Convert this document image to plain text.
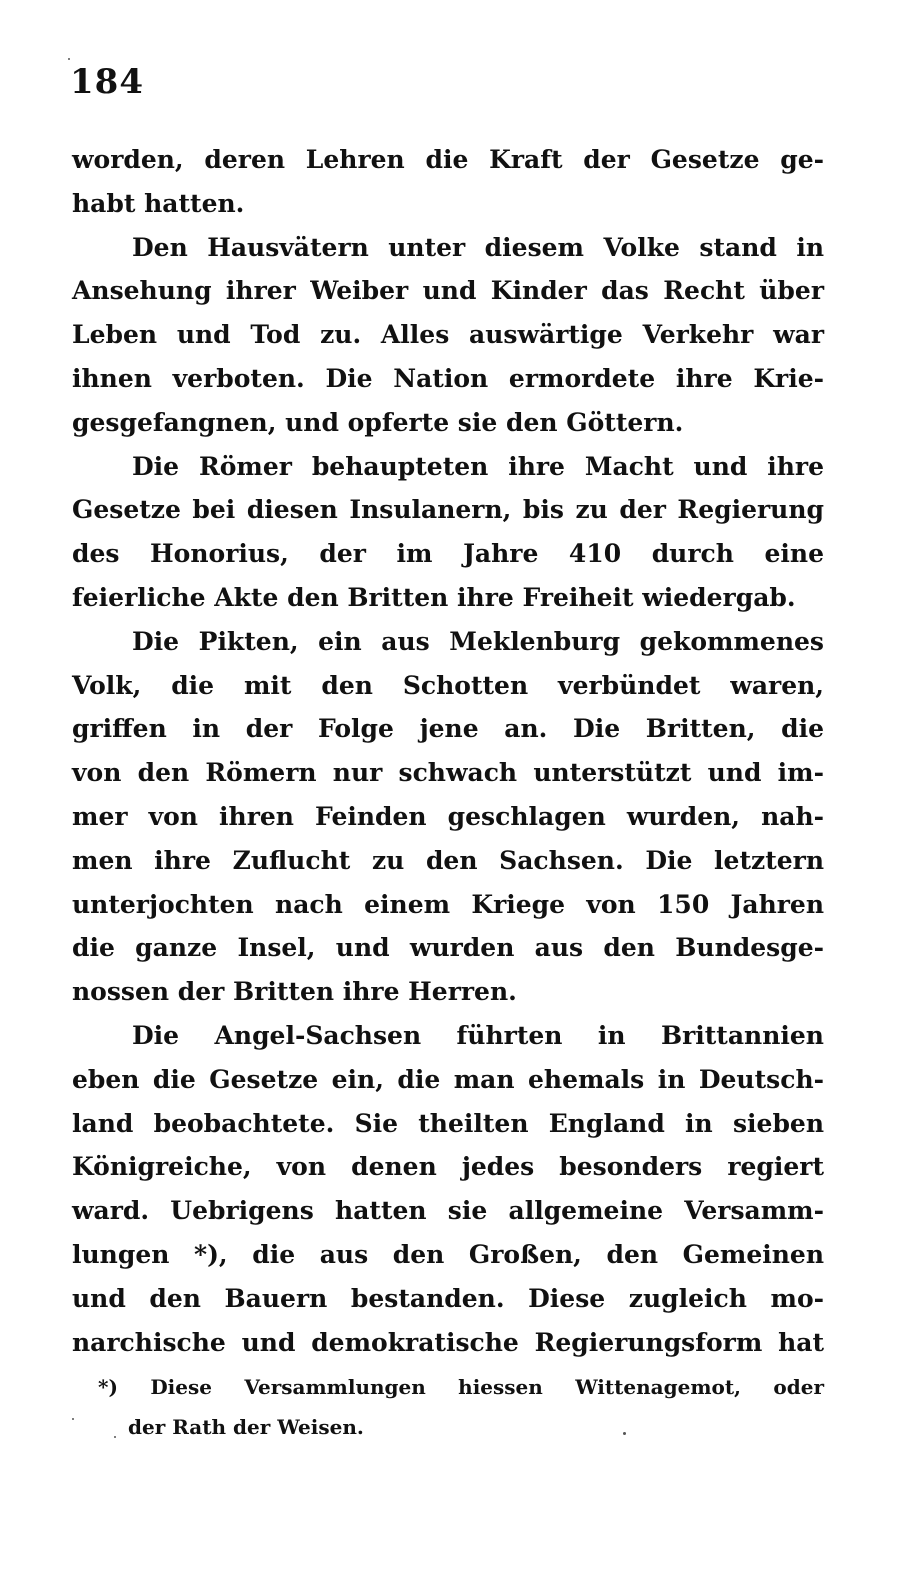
184
worden, deren Lehren die Kraft der Gesetze ge-
habt hatten.
Den Hausvätern unter diesem Volke stand in
Ansehung ihrer Weiber und Kinder das Recht über
Leben und Tod zu. Alles auswärtige Verkehr war
ihnen verboten. Die Nation ermordete ihre Krie-
gesgefangnen, und opferte sie den Göttern.
Die Römer behaupteten ihre Macht und ihre
Gesetze bei diesen Insulanern, bis zu der Regierung
des Honorius, der im Jahre 410 durch eine
feierliche Akte den Britten ihre Freiheit wiedergab.
Die Pikten, ein aus Meklenburg gekommenes
Volk, die mit den Schotten verbündet waren,
griffen in der Folge jene an. Die Britten, die
von den Römern nur schwach unterstützt und im-
mer von ihren Feinden geschlagen wurden, nah-
men ihre Zuflucht zu den Sachsen. Die letztern
unterjochten nach einem Kriege von 150 Jahren
die ganze Insel, und wurden aus den Bundesge-
nossen der Britten ihre Herren.
Die Angel-Sachsen führten in Brittannien
eben die Gesetze ein, die man ehemals in Deutsch-
land beobachtete. Sie theilten England in sieben
Königreiche, von denen jedes besonders regiert
ward. Uebrigens hatten sie allgemeine Versamm-
lungen *), die aus den Großen, den Gemeinen
und den Bauern bestanden. Diese zugleich mo-
narchische und demokratische Regierungsform hat
*) Diese Versammlungen hiessen Wittenagemot, oder
der Rath der Weisen.
